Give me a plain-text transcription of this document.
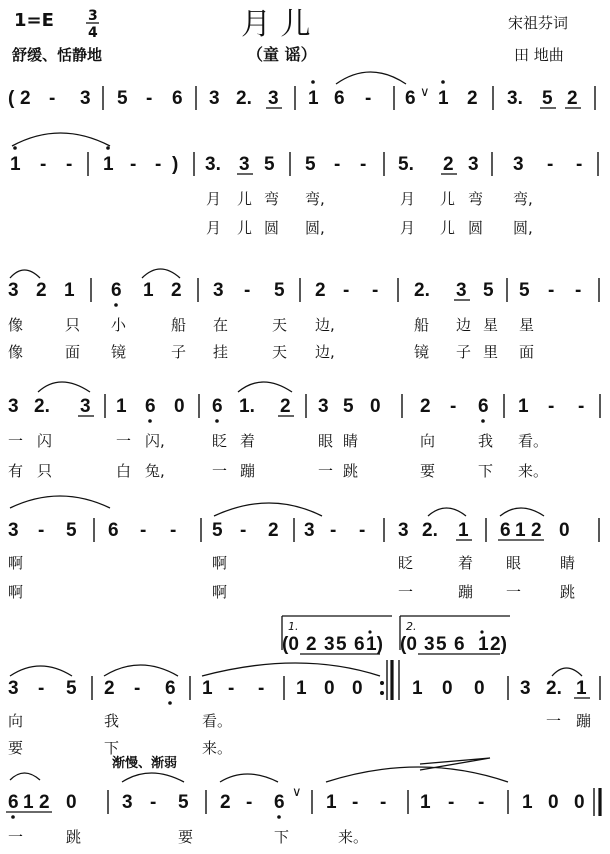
1=E 3
4	月 儿	宋祖芬词
舒缓、恬静地	（童 谣）	田 地曲
( 2 - 3 5 - 6 3 2. 3 1 6 - 6 ∨ 1 2 3. 5 2
1 - - 1 - - ) 3. 3 5 5 - - 5. 2 3 3 - -
月 儿 弯 弯,	月 儿 弯 弯,
月 儿 圆 圆,	月 儿 圆 圆,
3 2 1 6 1 2 3 - 5 2 - - 2. 3 5 5 - -
像	只 小	船 在	天 边,	船 边 星 星
像	面 镜	子 挂	天 边,	镜 子 里 面
3 2. 3 1 6 0 6 1. 2 3 5 0 2 - 6 1 - -
一 闪	一 闪,	眨 着	眼 睛	向	我 看。
有 只	白 兔,	一 蹦	一 跳	要	下 来。
3 - 5 6 - - 5 - 2 3 - - 3 2. 1 6 1 2 0
啊	啊	眨	着 眼	睛
啊	啊	一	蹦 一	跳
1.	2.
(0 2 3 5 6 1) (0 3 5 6 1 2)
3 - 5 2 - 6 1 - - 1 0 0	1 0 0 3 2. 1
向	我	看。	一 蹦
要	下	来。
渐慢、渐弱
6 1 2 0 3 - 5 2 - 6 ∨ 1 - - 1 - - 1 0 0
一	跳	要	下	来。
